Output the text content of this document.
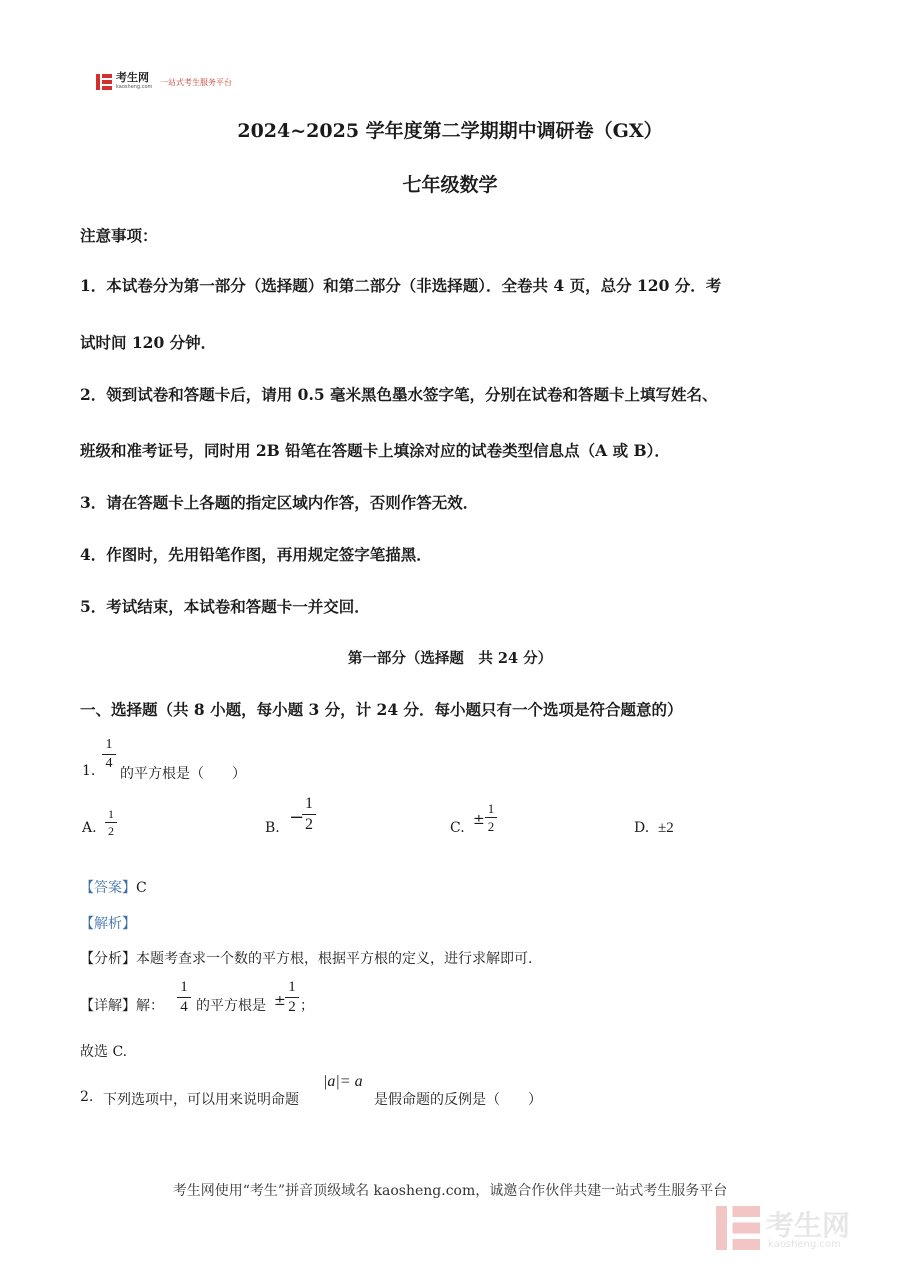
考生网
kaosheng.com 一站式考生服务平台
2024~2025 学年度第二学期期中调研卷（GX）
七年级数学
注意事项：
1．本试卷分为第一部分（选择题）和第二部分（非选择题）．全卷共 4 页，总分 120 分．考
试时间 120 分钟．
2．领到试卷和答题卡后，请用 0.5 毫米黑色墨水签字笔，分别在试卷和答题卡上填写姓名、
班级和准考证号，同时用 2B 铅笔在答题卡上填涂对应的试卷类型信息点（A 或 B）．
3．请在答题卡上各题的指定区域内作答，否则作答无效．
4．作图时，先用铅笔作图，再用规定签字笔描黑．
5．考试结束，本试卷和答题卡一并交回．
第一部分（选择题　共 24 分）
一、选择题（共 8 小题，每小题 3 分，计 24 分．每小题只有一个选项是符合题意的）
1.
1
4
的平方根是（　　）
A.
1
2	B. −
1
2	C. ±
1
2	D. ±2
【答案】C
【解析】
【分析】本题考查求一个数的平方根，根据平方根的定义，进行求解即可.
【详解】解：
1
4 的平方根是 ±
1
2 ；
故选 C.
2. 下列选项中，可以用来说明命题
|a|= a
是假命题的反例是（　　）
考生网使用“考生”拼音顶级域名 kaosheng.com，诚邀合作伙伴共建一站式考生服务平台
考生网
kaosheng.com
